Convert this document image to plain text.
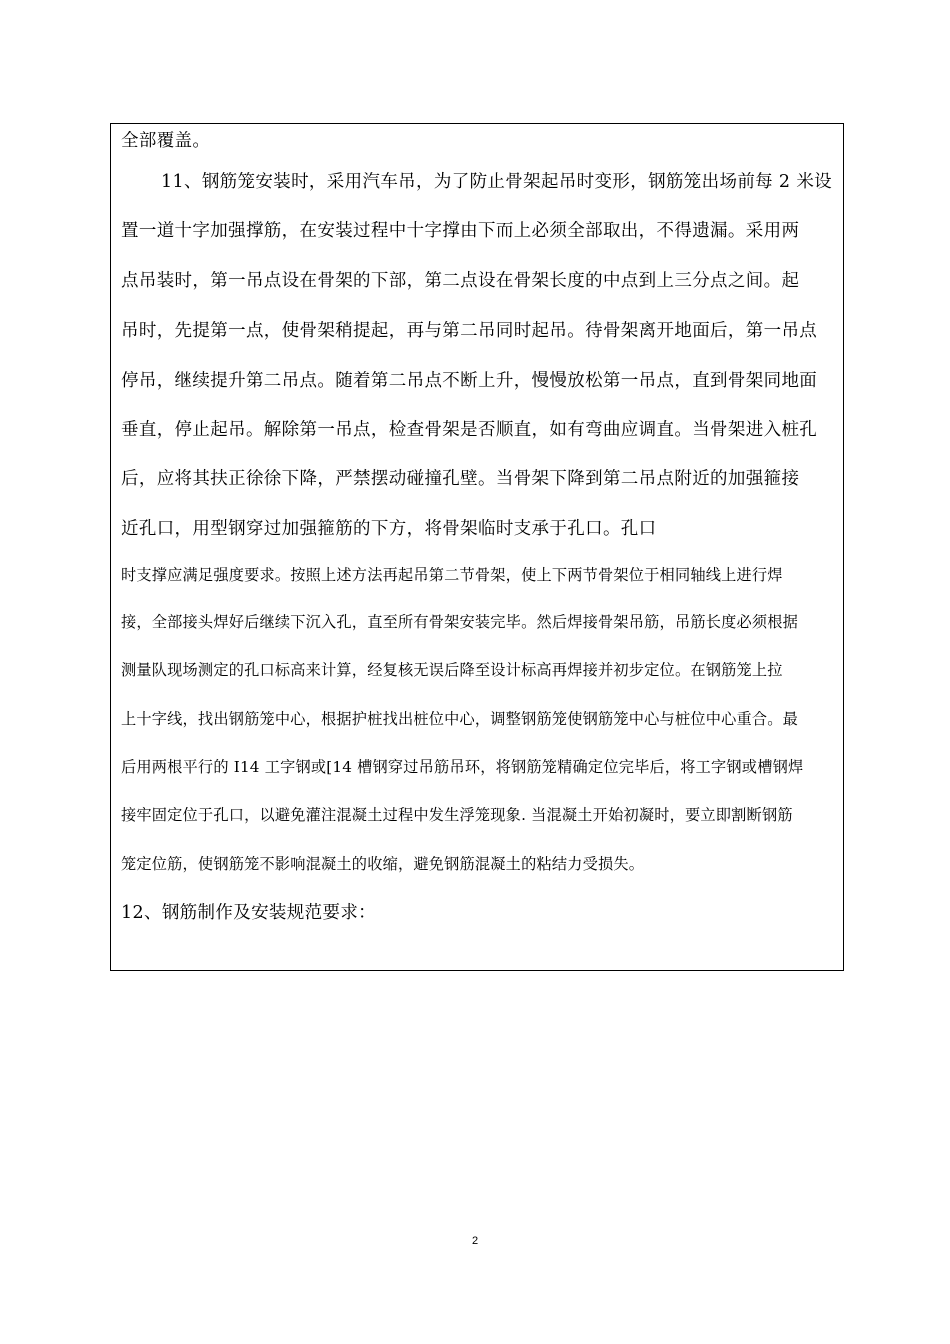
全部覆盖。
11、钢筋笼安装时，采用汽车吊，为了防止骨架起吊时变形，钢筋笼出场前每 2 米设
置一道十字加强撑筋，在安装过程中十字撑由下而上必须全部取出，不得遗漏。采用两
点吊装时，第一吊点设在骨架的下部，第二点设在骨架长度的中点到上三分点之间。起
吊时，先提第一点，使骨架稍提起，再与第二吊同时起吊。待骨架离开地面后，第一吊点
停吊，继续提升第二吊点。随着第二吊点不断上升，慢慢放松第一吊点，直到骨架同地面
垂直，停止起吊。解除第一吊点，检查骨架是否顺直，如有弯曲应调直。当骨架进入桩孔
后，应将其扶正徐徐下降，严禁摆动碰撞孔壁。当骨架下降到第二吊点附近的加强箍接
近孔口，用型钢穿过加强箍筋的下方，将骨架临时支承于孔口。孔口
时支撑应满足强度要求。按照上述方法再起吊第二节骨架，使上下两节骨架位于相同轴线上进行焊
接，全部接头焊好后继续下沉入孔，直至所有骨架安装完毕。然后焊接骨架吊筋，吊筋长度必须根据
测量队现场测定的孔口标高来计算，经复核无误后降至设计标高再焊接并初步定位。在钢筋笼上拉
上十字线，找出钢筋笼中心，根据护桩找出桩位中心，调整钢筋笼使钢筋笼中心与桩位中心重合。最
后用两根平行的 I14 工字钢或[14 槽钢穿过吊筋吊环，将钢筋笼精确定位完毕后，将工字钢或槽钢焊
接牢固定位于孔口，以避免灌注混凝土过程中发生浮笼现象. 当混凝土开始初凝时，要立即割断钢筋
笼定位筋，使钢筋笼不影响混凝土的收缩，避免钢筋混凝土的粘结力受损失。
12、钢筋制作及安装规范要求：
2
